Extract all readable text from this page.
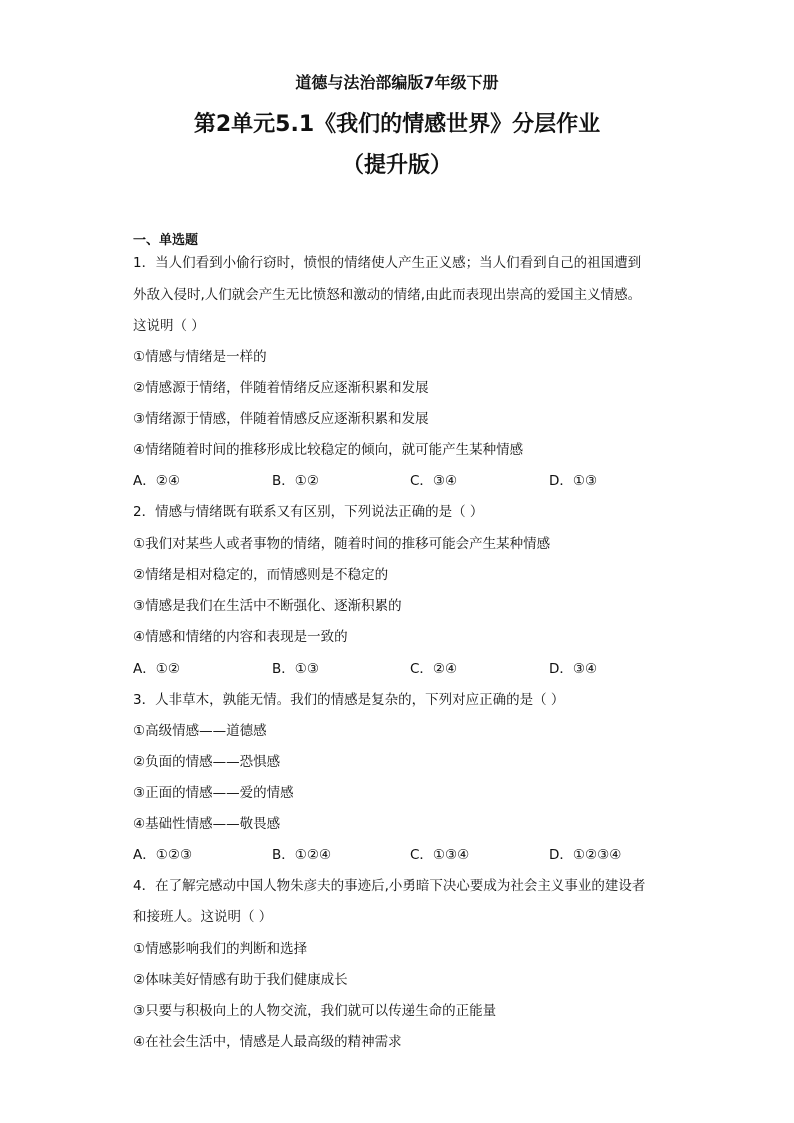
道德与法治部编版7年级下册
第2单元5.1《我们的情感世界》分层作业
（提升版）
一、单选题
1．当人们看到小偷行窃时，愤恨的情绪使人产生正义感；当人们看到自己的祖国遭到
外敌入侵时,人们就会产生无比愤怒和激动的情绪,由此而表现出崇高的爱国主义情感。
这说明（ ）
①情感与情绪是一样的
②情感源于情绪，伴随着情绪反应逐渐积累和发展
③情绪源于情感，伴随着情感反应逐渐积累和发展
④情绪随着时间的推移形成比较稳定的倾向，就可能产生某种情感
A．②④	B．①②	C．③④	D．①③
2．情感与情绪既有联系又有区别，下列说法正确的是（ ）
①我们对某些人或者事物的情绪，随着时间的推移可能会产生某种情感
②情绪是相对稳定的，而情感则是不稳定的
③情感是我们在生活中不断强化、逐渐积累的
④情感和情绪的内容和表现是一致的
A．①②	B．①③	C．②④	D．③④
3．人非草木，孰能无情。我们的情感是复杂的，下列对应正确的是（ ）
①高级情感——道德感
②负面的情感——恐惧感
③正面的情感——爱的情感
④基础性情感——敬畏感
A．①②③	B．①②④	C．①③④	D．①②③④
4．在了解完感动中国人物朱彦夫的事迹后,小勇暗下决心要成为社会主义事业的建设者
和接班人。这说明（ ）
①情感影响我们的判断和选择
②体味美好情感有助于我们健康成长
③只要与积极向上的人物交流，我们就可以传递生命的正能量
④在社会生活中，情感是人最高级的精神需求
